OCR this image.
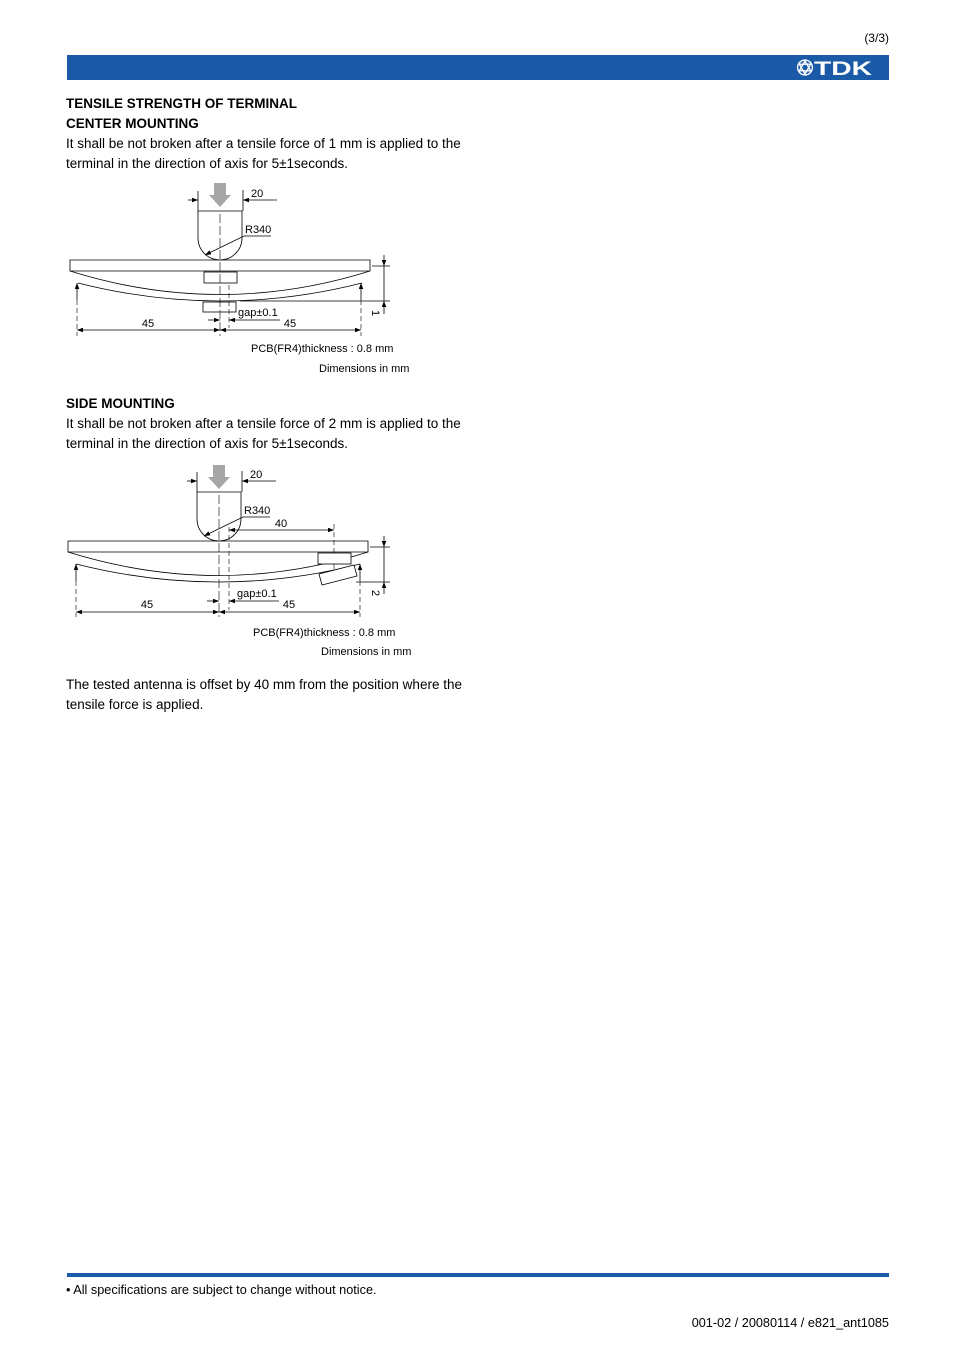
(3/3)
TDK
TENSILE STRENGTH OF TERMINAL
CENTER MOUNTING
It shall be not broken after a tensile force of 1 mm is applied to the
terminal in the direction of axis for 5±1seconds.
20
R340
gap±0.1
45	45
1
PCB(FR4)thickness : 0.8 mm
Dimensions in mm
SIDE MOUNTING
It shall be not broken after a tensile force of 2 mm is applied to the
terminal in the direction of axis for 5±1seconds.
20
R340
40
gap±0.1
45	45
2
PCB(FR4)thickness : 0.8 mm
Dimensions in mm
The tested antenna is offset by 40 mm from the position where the
tensile force is applied.
• All specifications are subject to change without notice.
001-02 / 20080114 / e821_ant1085
